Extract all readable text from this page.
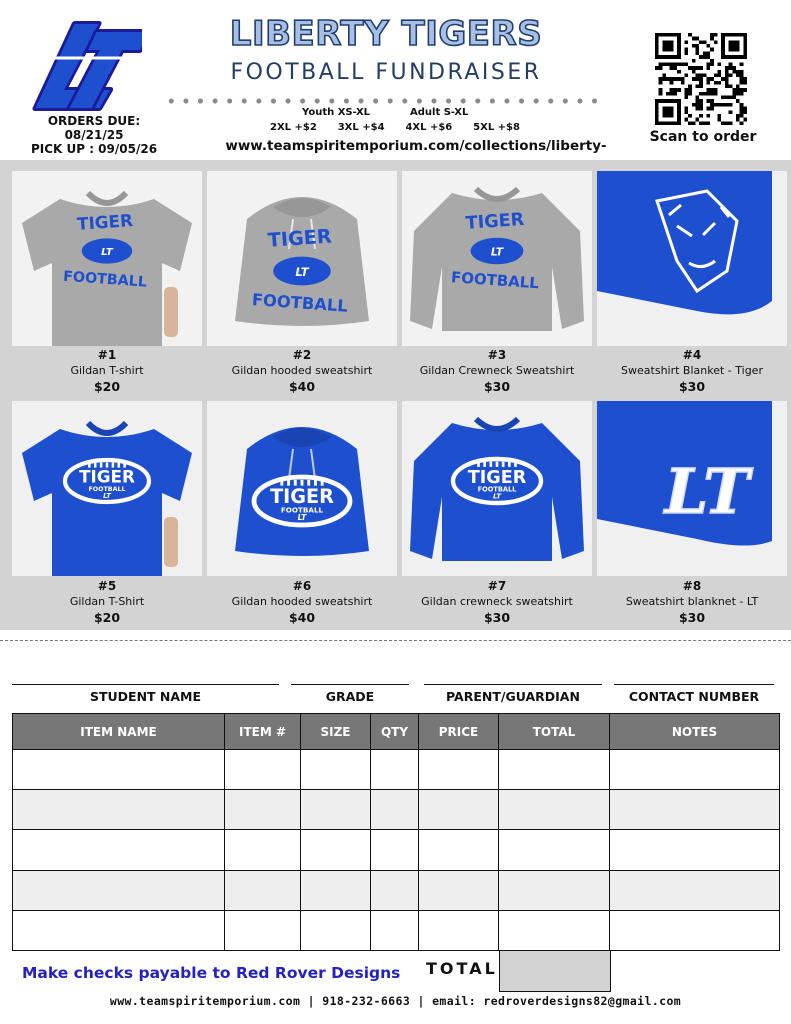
ORDERS DUE:
08/21/25
PICK UP : 09/05/26
LIBERTY TIGERS
FOOTBALL FUNDRAISER
Youth XS-XL	Adult S-XL
2XL +$2 3XL +$4 4XL +$6 5XL +$8
www.teamspiritemporium.com/collections/liberty-
Scan to order
TIGER
LT
FOOTBALL
#1
Gildan T-shirt
$20
TIGER
LT
FOOTBALL
#2
Gildan hooded sweatshirt
$40
TIGER
LT
FOOTBALL
#3
Gildan Crewneck Sweatshirt
$30
#4
Sweatshirt Blanket - Tiger
$30
TIGER
FOOTBALL
LT
#5
Gildan T-Shirt
$20
TIGER
FOOTBALL
LT
#6
Gildan hooded sweatshirt
$40
TIGER
FOOTBALL
LT
#7
Gildan crewneck sweatshirt
$30
LT
#8
Sweatshirt blanknet - LT
$30
STUDENT NAME	GRADE	PARENT/GUARDIAN	CONTACT NUMBER
ITEM NAME	ITEM #	SIZE	QTY	PRICE	TOTAL	NOTES

Make checks payable to Red Rover Designs TOTAL
www.teamspiritemporium.com | 918-232-6663 | email: redroverdesigns82@gmail.com
